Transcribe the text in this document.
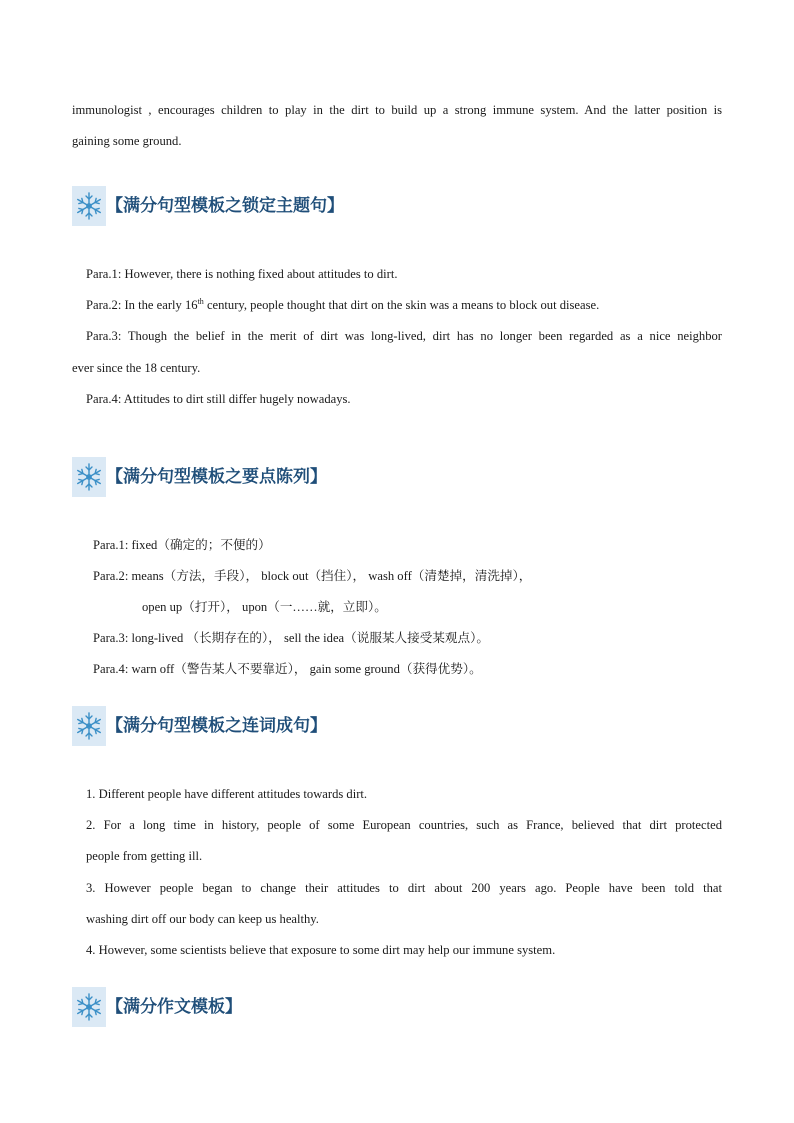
immunologist , encourages children to play in the dirt to build up a strong immune system. And the latter position is
gaining some ground.
【满分句型模板之锁定主题句】
Para.1: However, there is nothing fixed about attitudes to dirt.
Para.2: In the early 16th century, people thought that dirt on the skin was a means to block out disease.
Para.3: Though the belief in the merit of dirt was long-lived, dirt has no longer been regarded as a nice neighbor
ever since the 18 century.
Para.4: Attitudes to dirt still differ hugely nowadays.
【满分句型模板之要点陈列】
Para.1: fixed（确定的；不便的）
Para.2: means（方法，手段）， block out（挡住）， wash off（清楚掉，清洗掉），
open up（打开）， upon（一……就，立即）。
Para.3: long-lived （长期存在的）， sell the idea（说服某人接受某观点）。
Para.4: warn off（警告某人不要靠近）， gain some ground（获得优势）。
【满分句型模板之连词成句】
1. Different people have different attitudes towards dirt.
2. For a long time in history, people of some European countries, such as France, believed that dirt protected
people from getting ill.
3. However people began to change their attitudes to dirt about 200 years ago. People have been told that
washing dirt off our body can keep us healthy.
4. However, some scientists believe that exposure to some dirt may help our immune system.
【满分作文模板】
